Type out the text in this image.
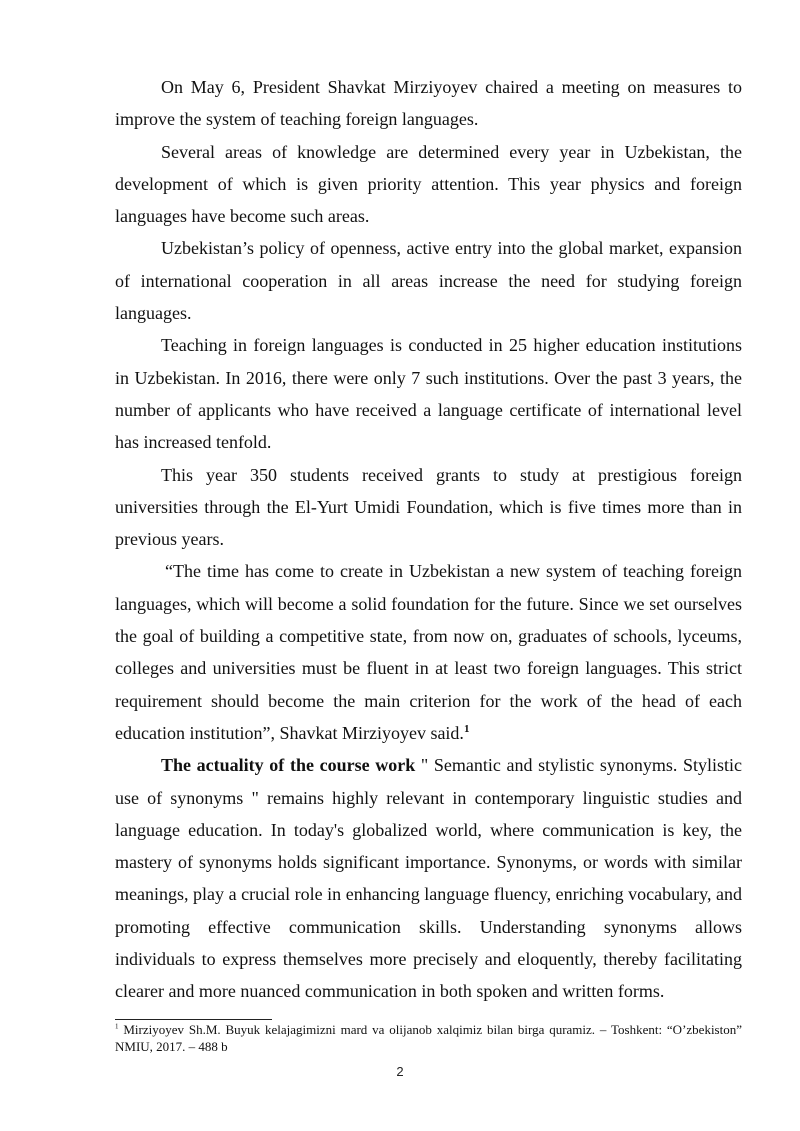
On May 6, President Shavkat Mirziyoyev chaired a meeting on measures to improve the system of teaching foreign languages.

Several areas of knowledge are determined every year in Uzbekistan, the development of which is given priority attention. This year physics and foreign languages have become such areas.

Uzbekistan’s policy of openness, active entry into the global market, expansion of international cooperation in all areas increase the need for studying foreign languages.

Teaching in foreign languages is conducted in 25 higher education institutions in Uzbekistan. In 2016, there were only 7 such institutions. Over the past 3 years, the number of applicants who have received a language certificate of international level has increased tenfold.

This year 350 students received grants to study at prestigious foreign universities through the El-Yurt Umidi Foundation, which is five times more than in previous years.

“The time has come to create in Uzbekistan a new system of teaching foreign languages, which will become a solid foundation for the future. Since we set ourselves the goal of building a competitive state, from now on, graduates of schools, lyceums, colleges and universities must be fluent in at least two foreign languages. This strict requirement should become the main criterion for the work of the head of each education institution”, Shavkat Mirziyoyev said.$^1$

The actuality of the course work " Semantic and stylistic synonyms. Stylistic use of synonyms " remains highly relevant in contemporary linguistic studies and language education. In today's globalized world, where communication is key, the mastery of synonyms holds significant importance. Synonyms, or words with similar meanings, play a crucial role in enhancing language fluency, enriching vocabulary, and promoting effective communication skills. Understanding synonyms allows individuals to express themselves more precisely and eloquently, thereby facilitating clearer and more nuanced communication in both spoken and written forms.

$^1$ Mirziyoyev Sh.M. Buyuk kelajagimizni mard va olijanob xalqimiz bilan birga quramiz. – Toshkent: “O’zbekiston” NMIU, 2017. – 488 b
2
